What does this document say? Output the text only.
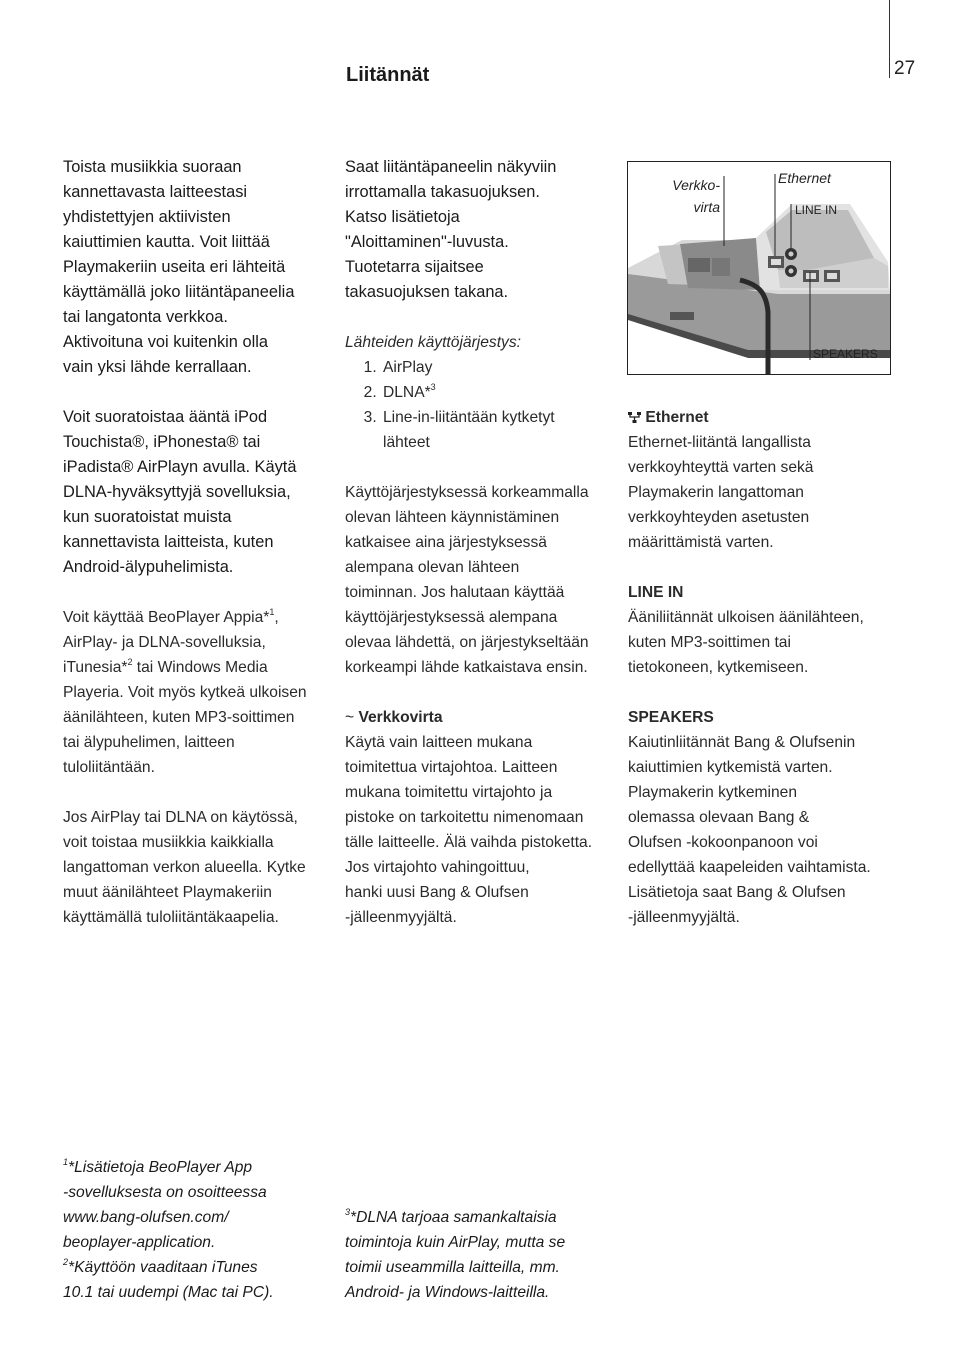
27
Liitännät

Toista musiikkia suoraan
kannettavasta laitteestasi
yhdistettyjen aktiivisten
kaiuttimien kautta. Voit liittää
Playmakeriin useita eri lähteitä
käyttämällä joko liitäntäpaneelia
tai langatonta verkkoa.
Aktivoituna voi kuitenkin olla
vain yksi lähde kerrallaan.

Voit suoratoistaa ääntä iPod
Touchista®, iPhonesta® tai
iPadista® AirPlayn avulla. Käytä
DLNA-hyväksyttyjä sovelluksia,
kun suoratoistat muista
kannettavista laitteista, kuten
Android-älypuhelimista.

Voit käyttää BeoPlayer Appia*$^1$,
AirPlay- ja DLNA-sovelluksia,
iTunesia*$^2$ tai Windows Media
Playeria. Voit myös kytkeä ulkoisen
äänilähteen, kuten MP3-soittimen
tai älypuhelimen, laitteen
tuloliitäntään.

Jos AirPlay tai DLNA on käytössä,
voit toistaa musiikkia kaikkialla
langattoman verkon alueella. Kytke
muut äänilähteet Playmakeriin
käyttämällä tuloliitäntäkaapelia.

Saat liitäntäpaneelin näkyviin
irrottamalla takasuojuksen.
Katso lisätietoja
"Aloittaminen"-luvusta.
Tuotetarra sijaitsee
takasuojuksen takana.

Lähteiden käyttöjärjestys:

1. AirPlay
2. DLNA*$^3$
3. Line-in-liitäntään kytketyt
lähteet

Käyttöjärjestyksessä korkeammalla
olevan lähteen käynnistäminen
katkaisee aina järjestyksessä
alempana olevan lähteen
toiminnan. Jos halutaan käyttää
käyttöjärjestyksessä alempana
olevaa lähdettä, on järjestykseltään
korkeampi lähde katkaistava ensin.

~ Verkkovirta

Käytä vain laitteen mukana
toimitettua virtajohtoa. Laitteen
mukana toimitettu virtajohto ja
pistoke on tarkoitettu nimenomaan
tälle laitteelle. Älä vaihda pistoketta.
Jos virtajohto vahingoittuu,
hanki uusi Bang & Olufsen
-jälleenmyyjältä.

Verkko-
virta
Ethernet
LINE IN
SPEAKERS

Ethernet

Ethernet-liitäntä langallista
verkkoyhteyttä varten sekä
Playmakerin langattoman
verkkoyhteyden asetusten
määrittämistä varten.

LINE IN

Ääniliitännät ulkoisen äänilähteen,
kuten MP3-soittimen tai
tietokoneen, kytkemiseen.

SPEAKERS

Kaiutinliitännät Bang & Olufsenin
kaiuttimien kytkemistä varten.
Playmakerin kytkeminen
olemassa olevaan Bang &
Olufsen -kokoonpanoon voi
edellyttää kaapeleiden vaihtamista.
Lisätietoja saat Bang & Olufsen
-jälleenmyyjältä.

$^1$*Lisätietoja BeoPlayer App
-sovelluksesta on osoitteessa
www.bang-olufsen.com/
beoplayer-application.
$^2$*Käyttöön vaaditaan iTunes
10.1 tai uudempi (Mac tai PC).
$^3$*DLNA tarjoaa samankaltaisia
toimintoja kuin AirPlay, mutta se
toimii useammilla laitteilla, mm.
Android- ja Windows-laitteilla.
